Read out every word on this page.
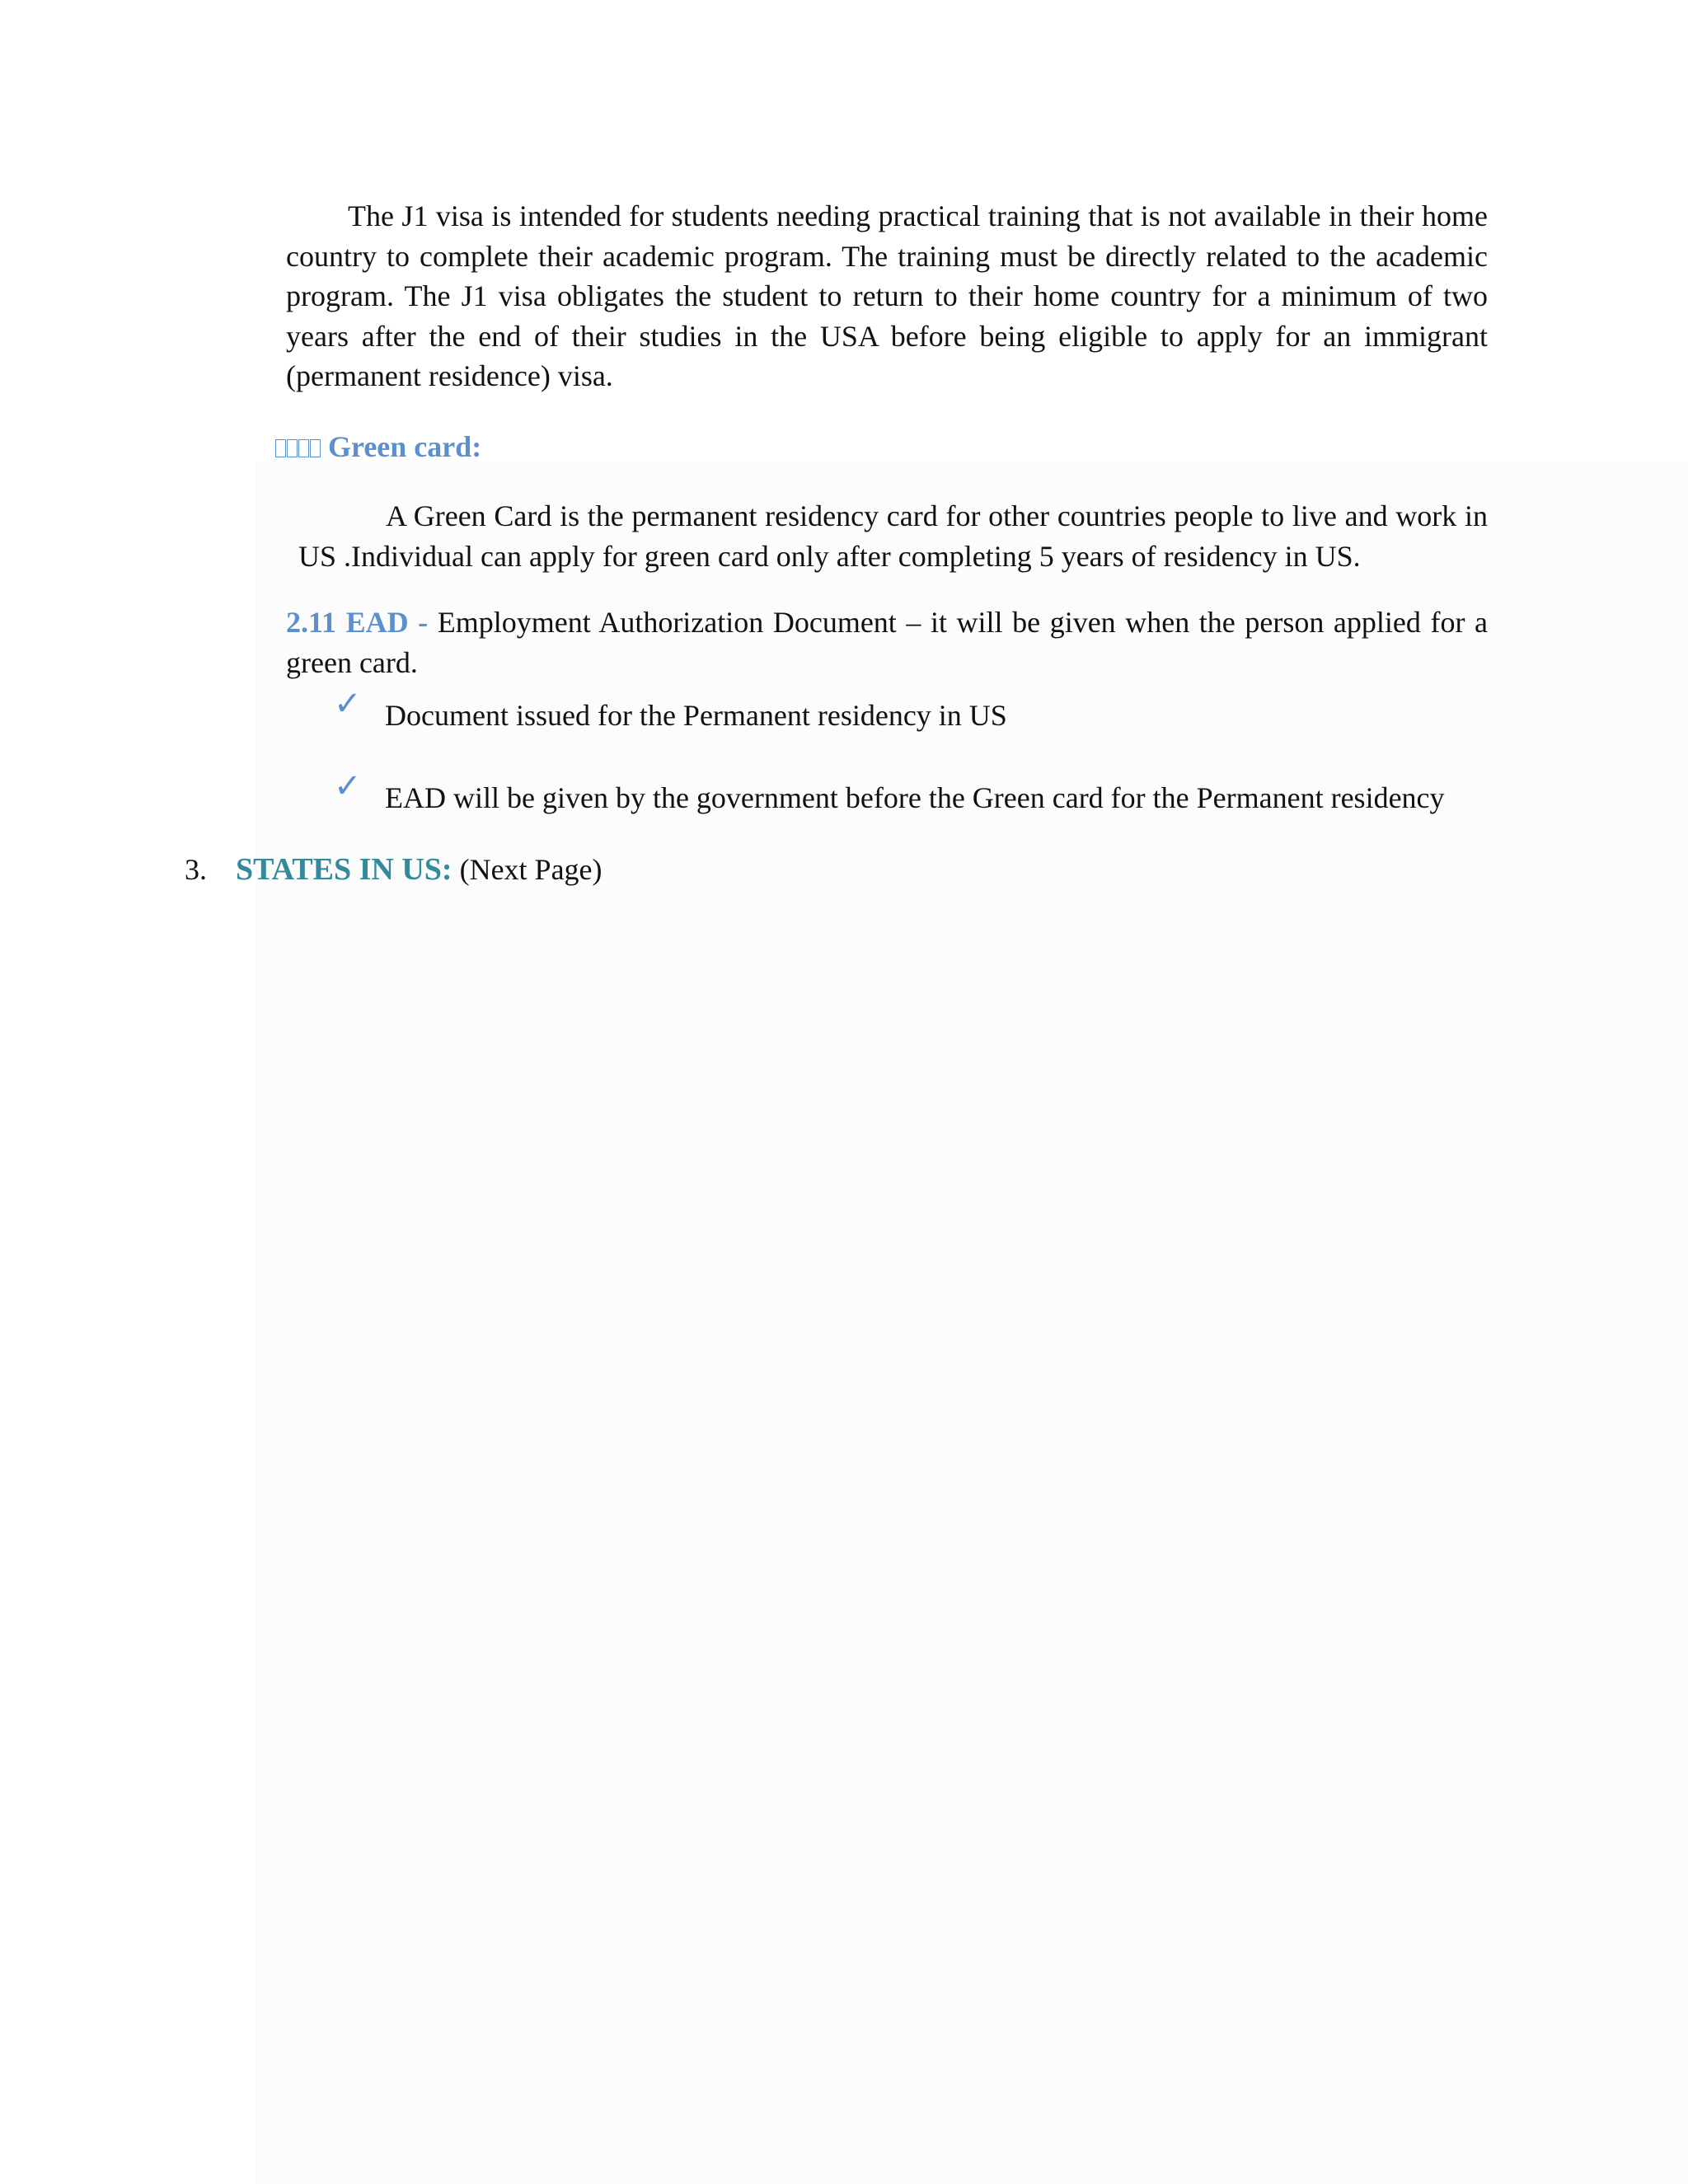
The J1 visa is intended for students needing practical training that is not available in their home country to complete their academic program. The training must be directly related to the academic program. The J1 visa obligates the student to return to their home country for a minimum of two years after the end of their studies in the USA before being eligible to apply for an immigrant (permanent residence) visa.

Green card:

A Green Card is the permanent residency card for other countries people to live and work in US .Individual can apply for green card only after completing 5 years of residency in US.

2.11 EAD - Employment Authorization Document – it will be given when the person applied for a green card.

✓ Document issued for the Permanent residency in US
✓ EAD will be given by the government before the Green card for the Permanent residency
3. STATES IN US: (Next Page)
